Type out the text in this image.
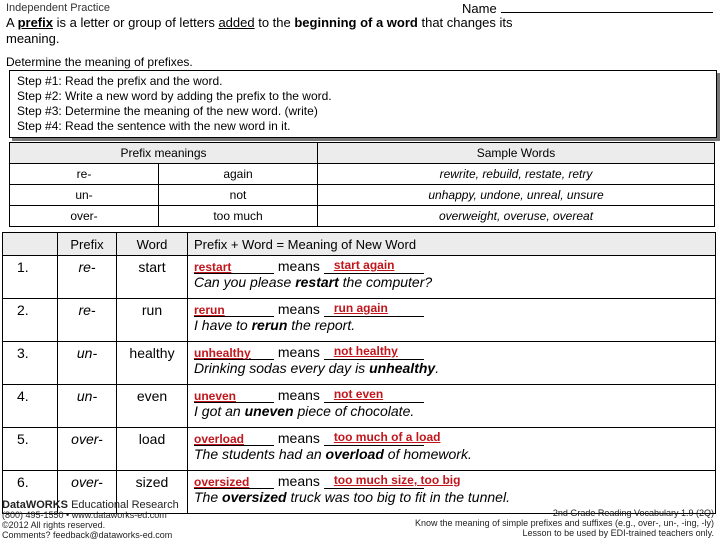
Independent Practice	Name
A prefix is a letter or group of letters added to the beginning of a word that changes its meaning.
Determine the meaning of prefixes.
Step #1: Read the prefix and the word.
Step #2: Write a new word by adding the prefix to the word.
Step #3: Determine the meaning of the new word. (write)
Step #4: Read the sentence with the new word in it.
Prefix meanings		Sample Words
re-	again	rewrite, rebuild, restate, retry
un-	not	unhappy, undone, unreal, unsure
over-	too much	overweight, overuse, overeat
	Prefix	Word	Prefix + Word = Meaning of New Word
1.	re-	start	restart means start again
Can you please restart the computer?

2.	re-	run	rerun means run again
I have to rerun the report.

3.	un-	healthy	unhealthy means not healthy
Drinking sodas every day is unhealthy.

4.	un-	even	uneven means not even
I got an uneven piece of chocolate.

5.	over-	load	overload means too much of a load
The students had an overload of homework.

6.	over-	sized	oversized means too much size, too big
The oversized truck was too big to fit in the tunnel.
DataWORKS Educational Research
(800) 495-1550 • www.dataworks-ed.com
©2012 All rights reserved.
Comments? feedback@dataworks-ed.com
2nd Grade Reading Vocabulary 1.9 (2Q)
Know the meaning of simple prefixes and suffixes (e.g., over-, un-, -ing, -ly)
Lesson to be used by EDI-trained teachers only.
